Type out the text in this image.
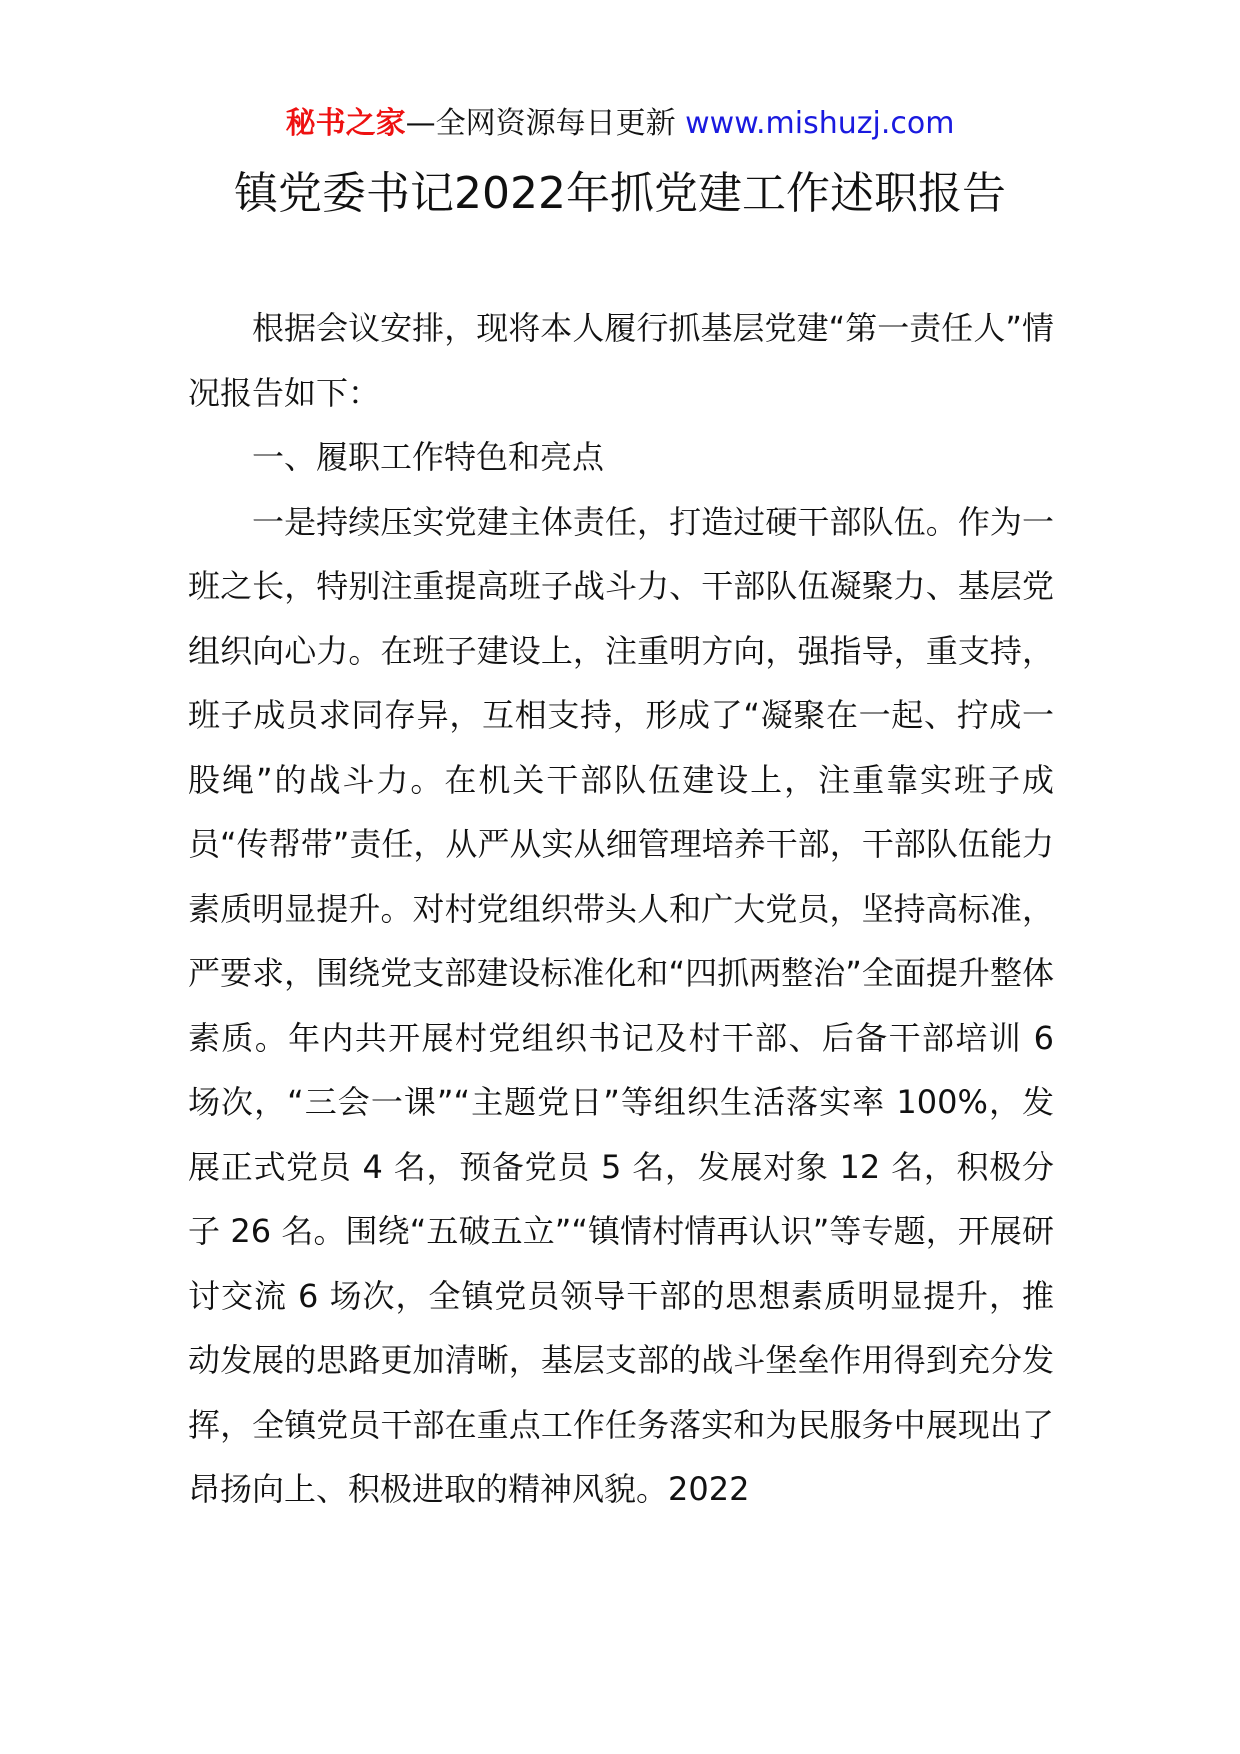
秘书之家—全网资源每日更新 www.mishuzj.com
镇党委书记2022年抓党建工作述职报告

根据会议安排，现将本人履行抓基层党建“第一责任人”情况报告如下：

一、履职工作特色和亮点

一是持续压实党建主体责任，打造过硬干部队伍。作为一班之长，特别注重提高班子战斗力、干部队伍凝聚力、基层党组织向心力。在班子建设上，注重明方向，强指导，重支持，班子成员求同存异，互相支持，形成了“凝聚在一起、拧成一股绳”的战斗力。在机关干部队伍建设上，注重靠实班子成员“传帮带”责任，从严从实从细管理培养干部，干部队伍能力素质明显提升。对村党组织带头人和广大党员，坚持高标准，严要求，围绕党支部建设标准化和“四抓两整治”全面提升整体素质。年内共开展村党组织书记及村干部、后备干部培训 6 场次，“三会一课”“主题党日”等组织生活落实率 100%，发展正式党员 4 名，预备党员 5 名，发展对象 12 名，积极分子 26 名。围绕“五破五立”“镇情村情再认识”等专题，开展研讨交流 6 场次，全镇党员领导干部的思想素质明显提升，推动发展的思路更加清晰，基层支部的战斗堡垒作用得到充分发挥，全镇党员干部在重点工作任务落实和为民服务中展现出了昂扬向上、积极进取的精神风貌。2022
